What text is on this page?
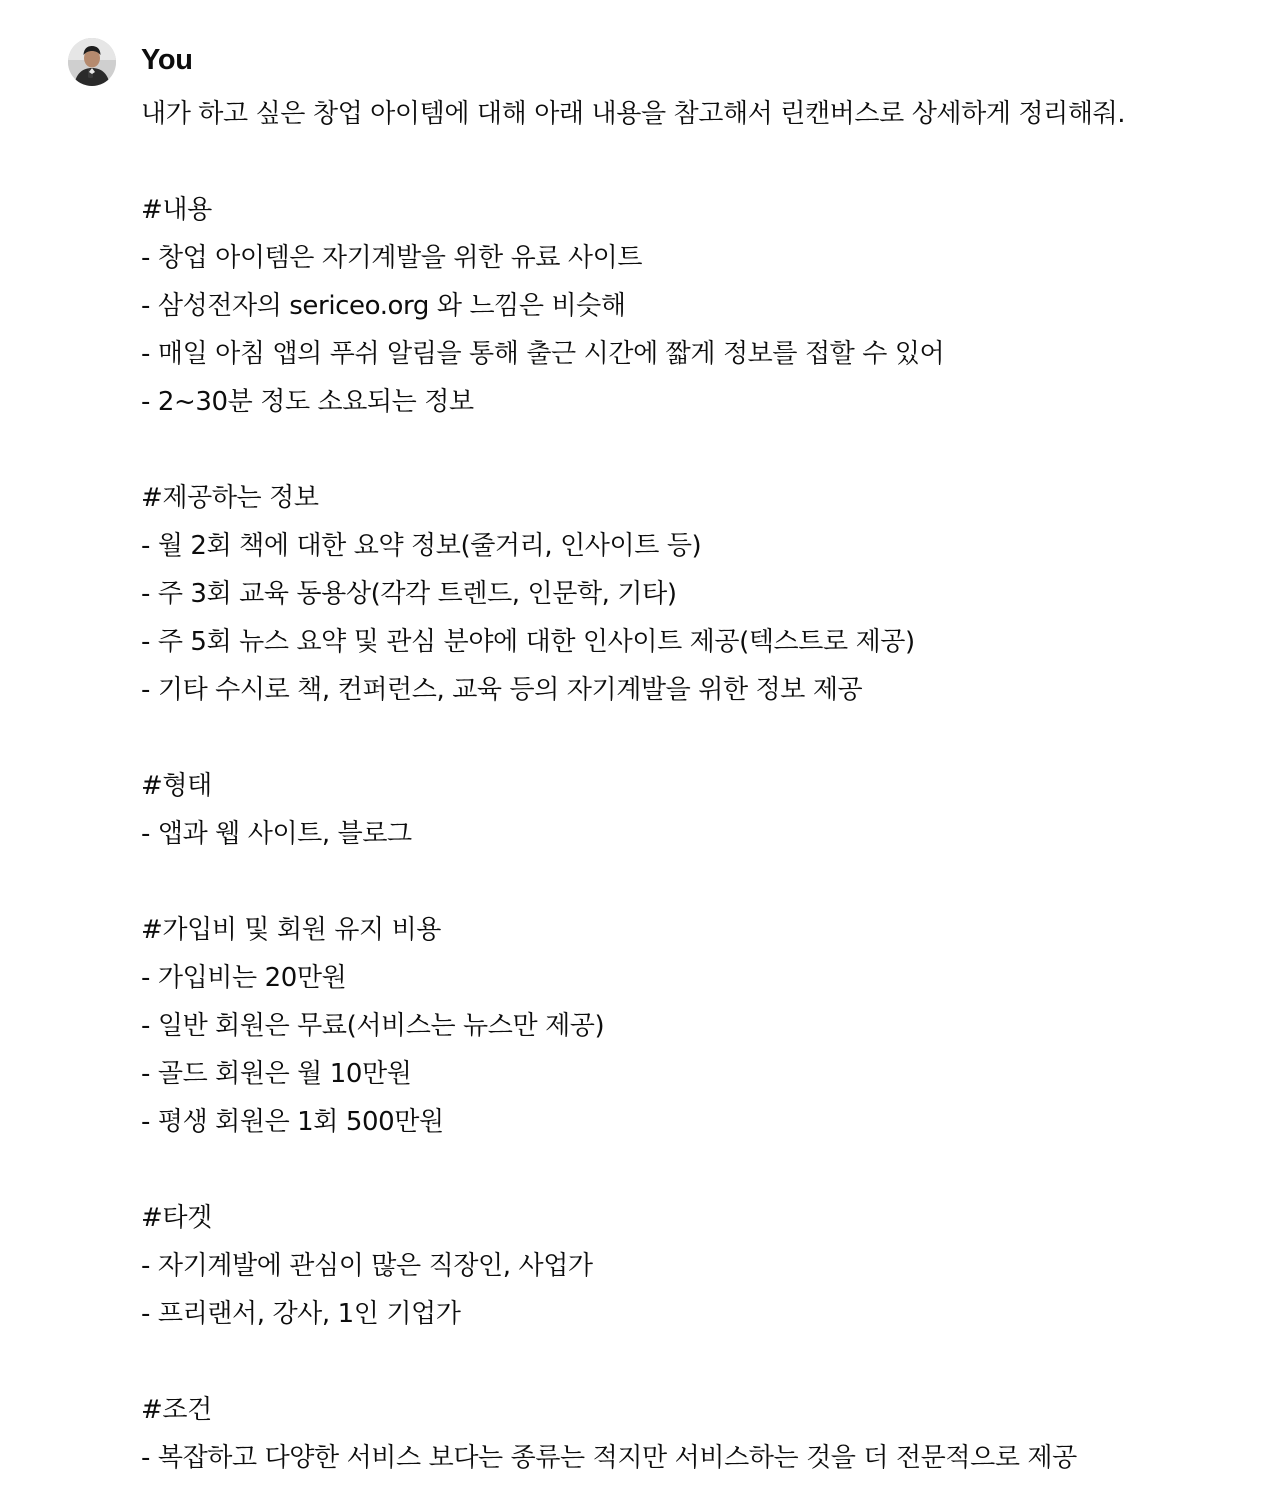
You
내가 하고 싶은 창업 아이템에 대해 아래 내용을 참고해서 린캔버스로 상세하게 정리해줘.
#내용
- 창업 아이템은 자기계발을 위한 유료 사이트
- 삼성전자의 sericeo.org 와 느낌은 비슷해
- 매일 아침 앱의 푸쉬 알림을 통해 출근 시간에 짧게 정보를 접할 수 있어
- 2~30분 정도 소요되는 정보
#제공하는 정보
- 월 2회 책에 대한 요약 정보(줄거리, 인사이트 등)
- 주 3회 교육 동용상(각각 트렌드, 인문학, 기타)
- 주 5회 뉴스 요약 및 관심 분야에 대한 인사이트 제공(텍스트로 제공)
- 기타 수시로 책, 컨퍼런스, 교육 등의 자기계발을 위한 정보 제공
#형태
- 앱과 웹 사이트, 블로그
#가입비 및 회원 유지 비용
- 가입비는 20만원
- 일반 회원은 무료(서비스는 뉴스만 제공)
- 골드 회원은 월 10만원
- 평생 회원은 1회 500만원
#타겟
- 자기계발에 관심이 많은 직장인, 사업가
- 프리랜서, 강사, 1인 기업가
#조건
- 복잡하고 다양한 서비스 보다는 종류는 적지만 서비스하는 것을 더 전문적으로 제공
